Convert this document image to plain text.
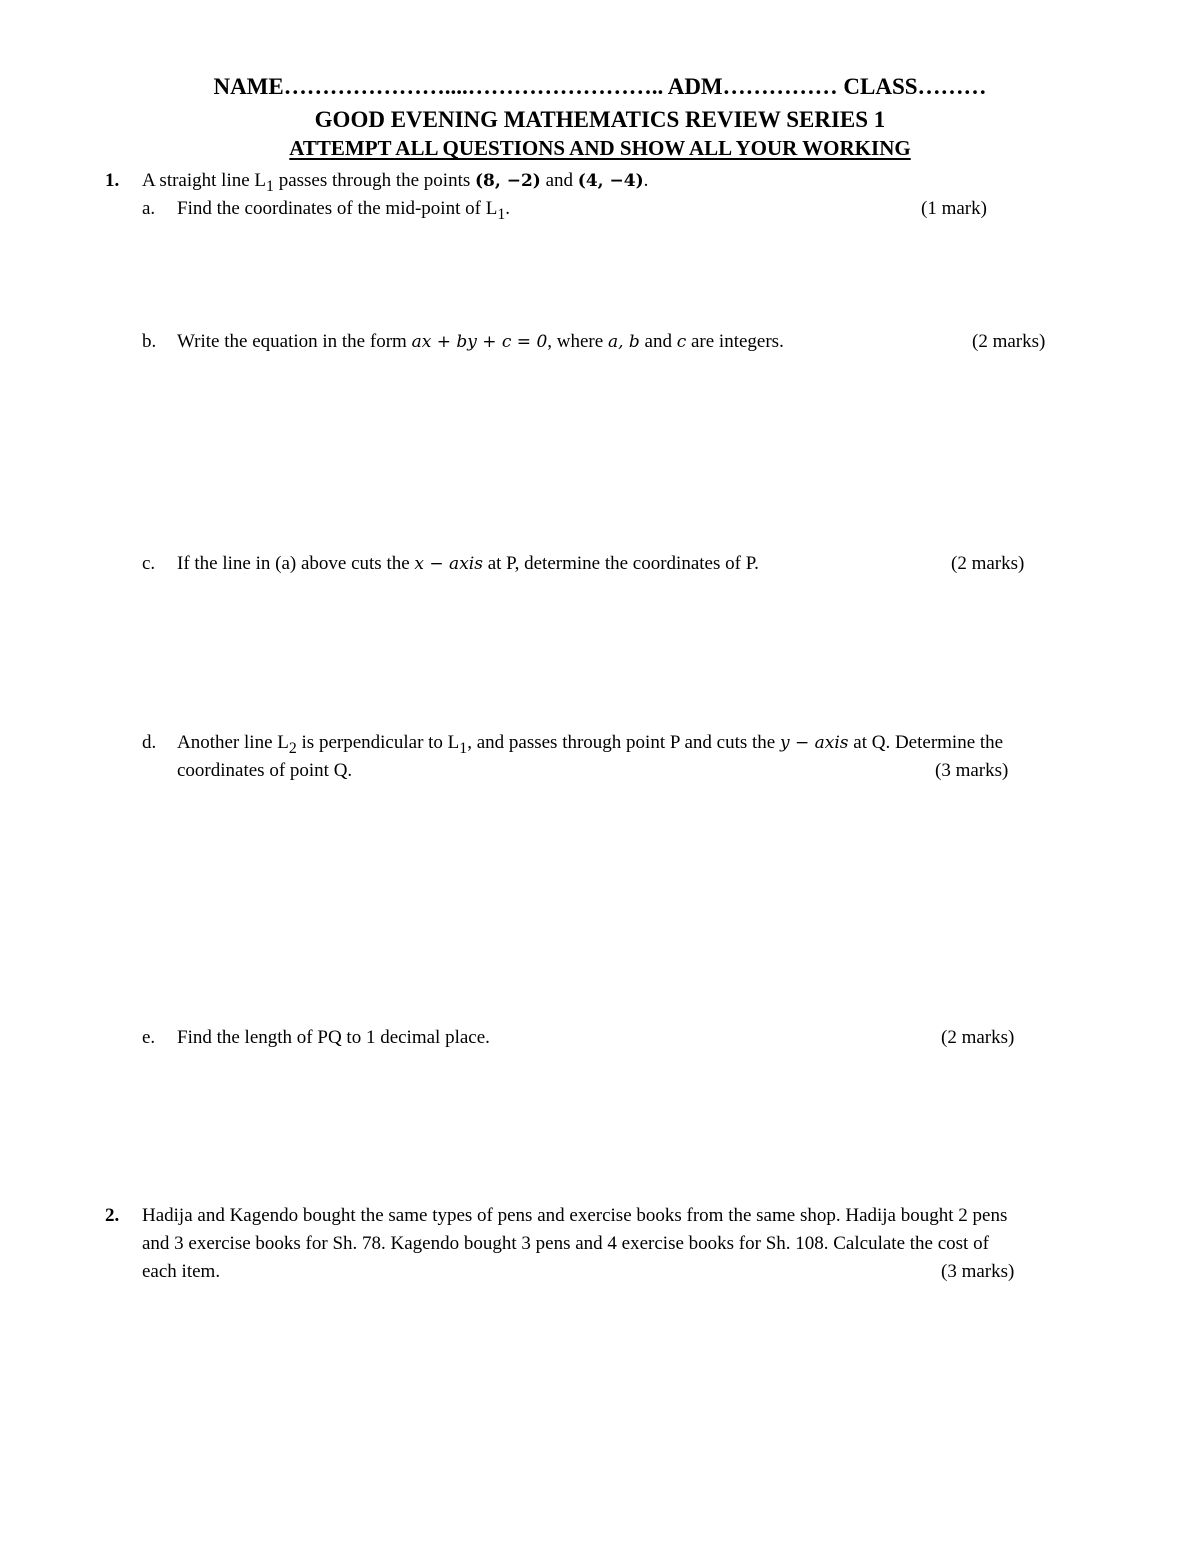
NAME…………………....…………………….. ADM…………… CLASS………
GOOD EVENING MATHEMATICS REVIEW SERIES 1
ATTEMPT ALL QUESTIONS AND SHOW ALL YOUR WORKING
1. A straight line $L_1$ passes through the points (8, −2) and (4, −4).
a. Find the coordinates of the mid-point of $L_1$.	(1 mark)
b. Write the equation in the form ax + by + c = 0, where a, b and c are integers.	(2 marks)
c. If the line in (a) above cuts the x − axis at P, determine the coordinates of P.	(2 marks)
d. Another line $L_2$ is perpendicular to $L_1$, and passes through point P and cuts the y − axis at Q. Determine the
coordinates of point Q.	(3 marks)
e. Find the length of PQ to 1 decimal place.	(2 marks)
2. Hadija and Kagendo bought the same types of pens and exercise books from the same shop. Hadija bought 2 pens
and 3 exercise books for Sh. 78. Kagendo bought 3 pens and 4 exercise books for Sh. 108. Calculate the cost of
each item.	(3 marks)
